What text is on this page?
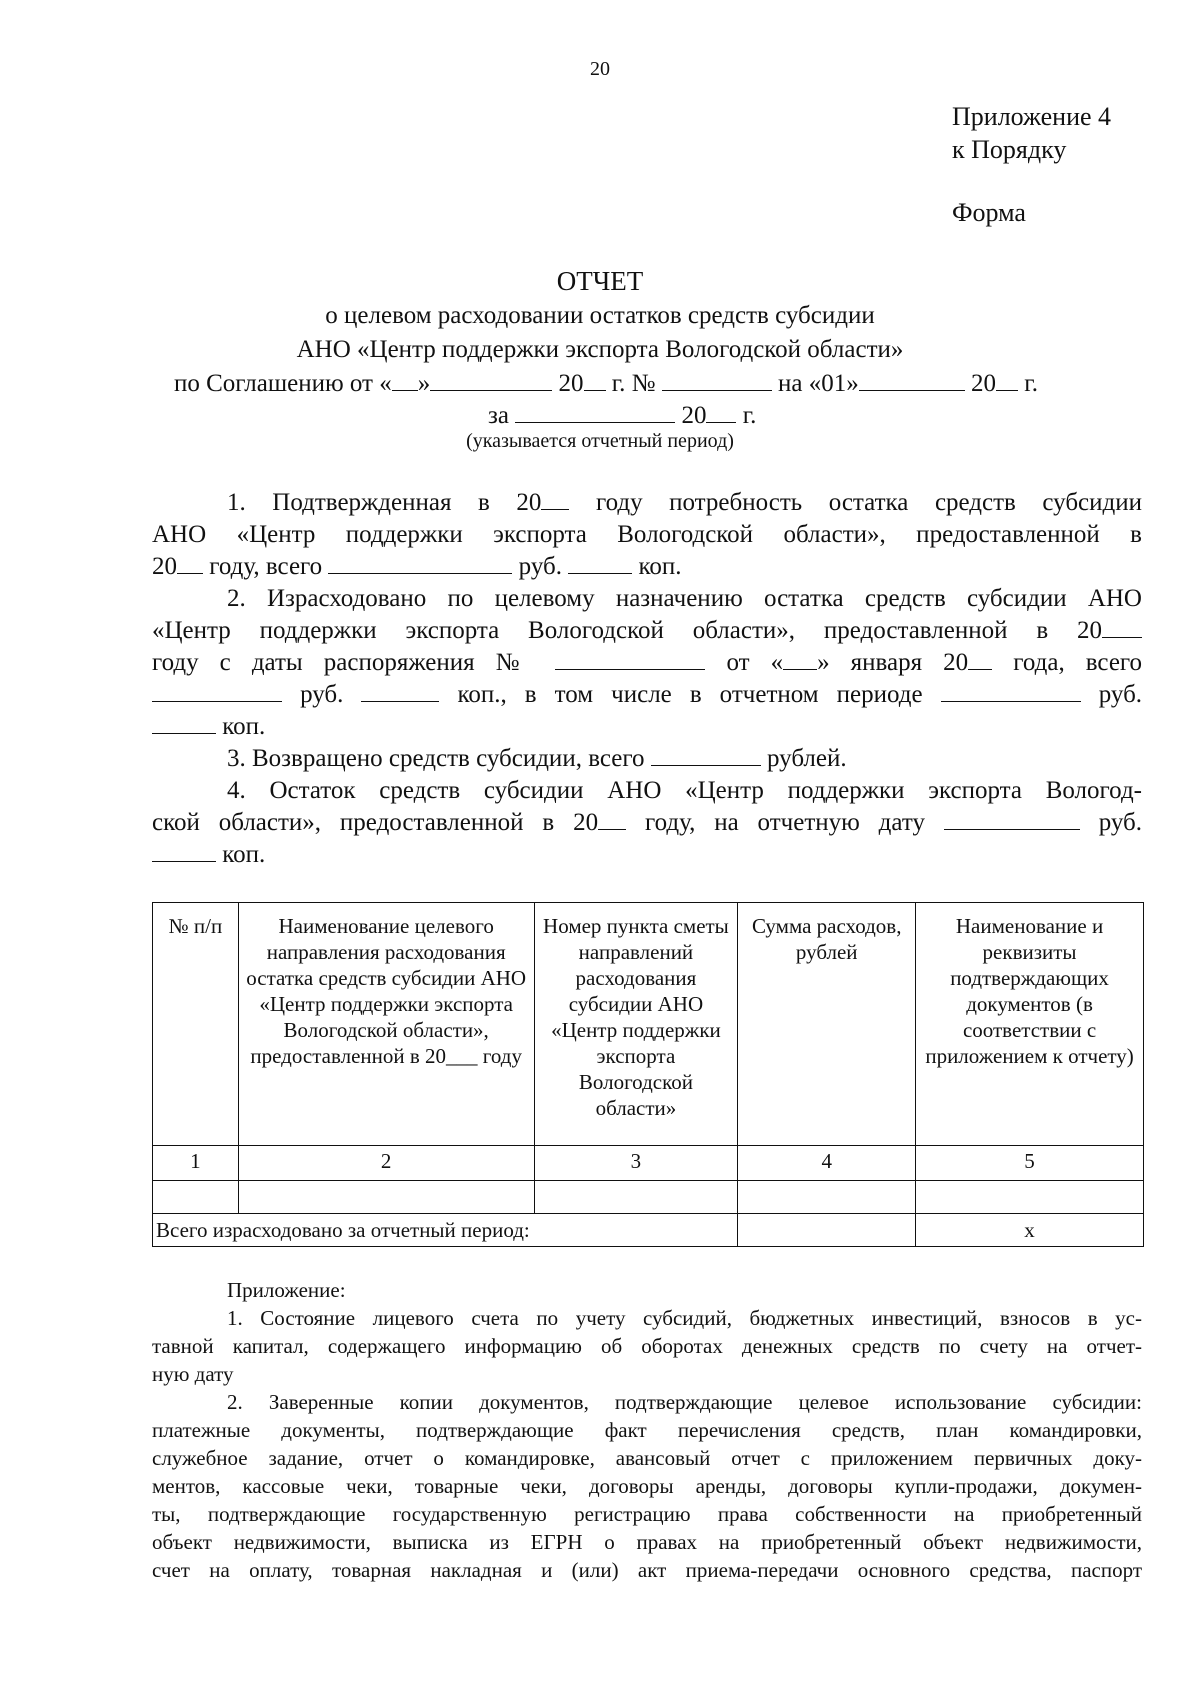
20
Приложение 4
к Порядку
Форма
ОТЧЕТ
о целевом расходовании остатков средств субсидии
АНО «Центр поддержки экспорта Вологодской области»
по Соглашению от « »	20 г. №	на «01»	20 г.
за	20 г.
(указывается отчетный период)
1. Подтвержденная в 20 году потребность остатка средств субсидии
АНО «Центр поддержки экспорта Вологодской области», предоставленной в
20 году, всего	руб.	коп.
2. Израсходовано по целевому назначению остатка средств субсидии АНО
«Центр поддержки экспорта Вологодской области», предоставленной в 20
году с даты распоряжения №	от « » января 20 года, всего
руб.	коп., в том числе в отчетном периоде	руб.
коп.
3. Возвращено средств субсидии, всего	рублей.
4. Остаток средств субсидии АНО «Центр поддержки экспорта Вологод-
ской области», предоставленной в 20 году, на отчетную дату	руб.
коп.
№ п/п	Наименование целевого направления расходования остатка средств субсидии АНО «Центр поддержки экспорта Вологодской области», предоставленной в 20___ году	Номер пункта сметы направлений расходования субсидии АНО «Центр поддержки экспорта Вологодской области»	Сумма расходов, рублей	Наименование и реквизиты подтверждающих документов (в соответствии с приложением к отчету)
1	2	3	4	5

Всего израсходовано за отчетный период:				х
Приложение:
1. Состояние лицевого счета по учету субсидий, бюджетных инвестиций, взносов в ус-
тавной капитал, содержащего информацию об оборотах денежных средств по счету на отчет-
ную дату
2. Заверенные копии документов, подтверждающие целевое использование субсидии:
платежные документы, подтверждающие факт перечисления средств, план командировки,
служебное задание, отчет о командировке, авансовый отчет с приложением первичных доку-
ментов, кассовые чеки, товарные чеки, договоры аренды, договоры купли-продажи, докумен-
ты, подтверждающие государственную регистрацию права собственности на приобретенный
объект недвижимости, выписка из ЕГРН о правах на приобретенный объект недвижимости,
счет на оплату, товарная накладная и (или) акт приема-передачи основного средства, паспорт
